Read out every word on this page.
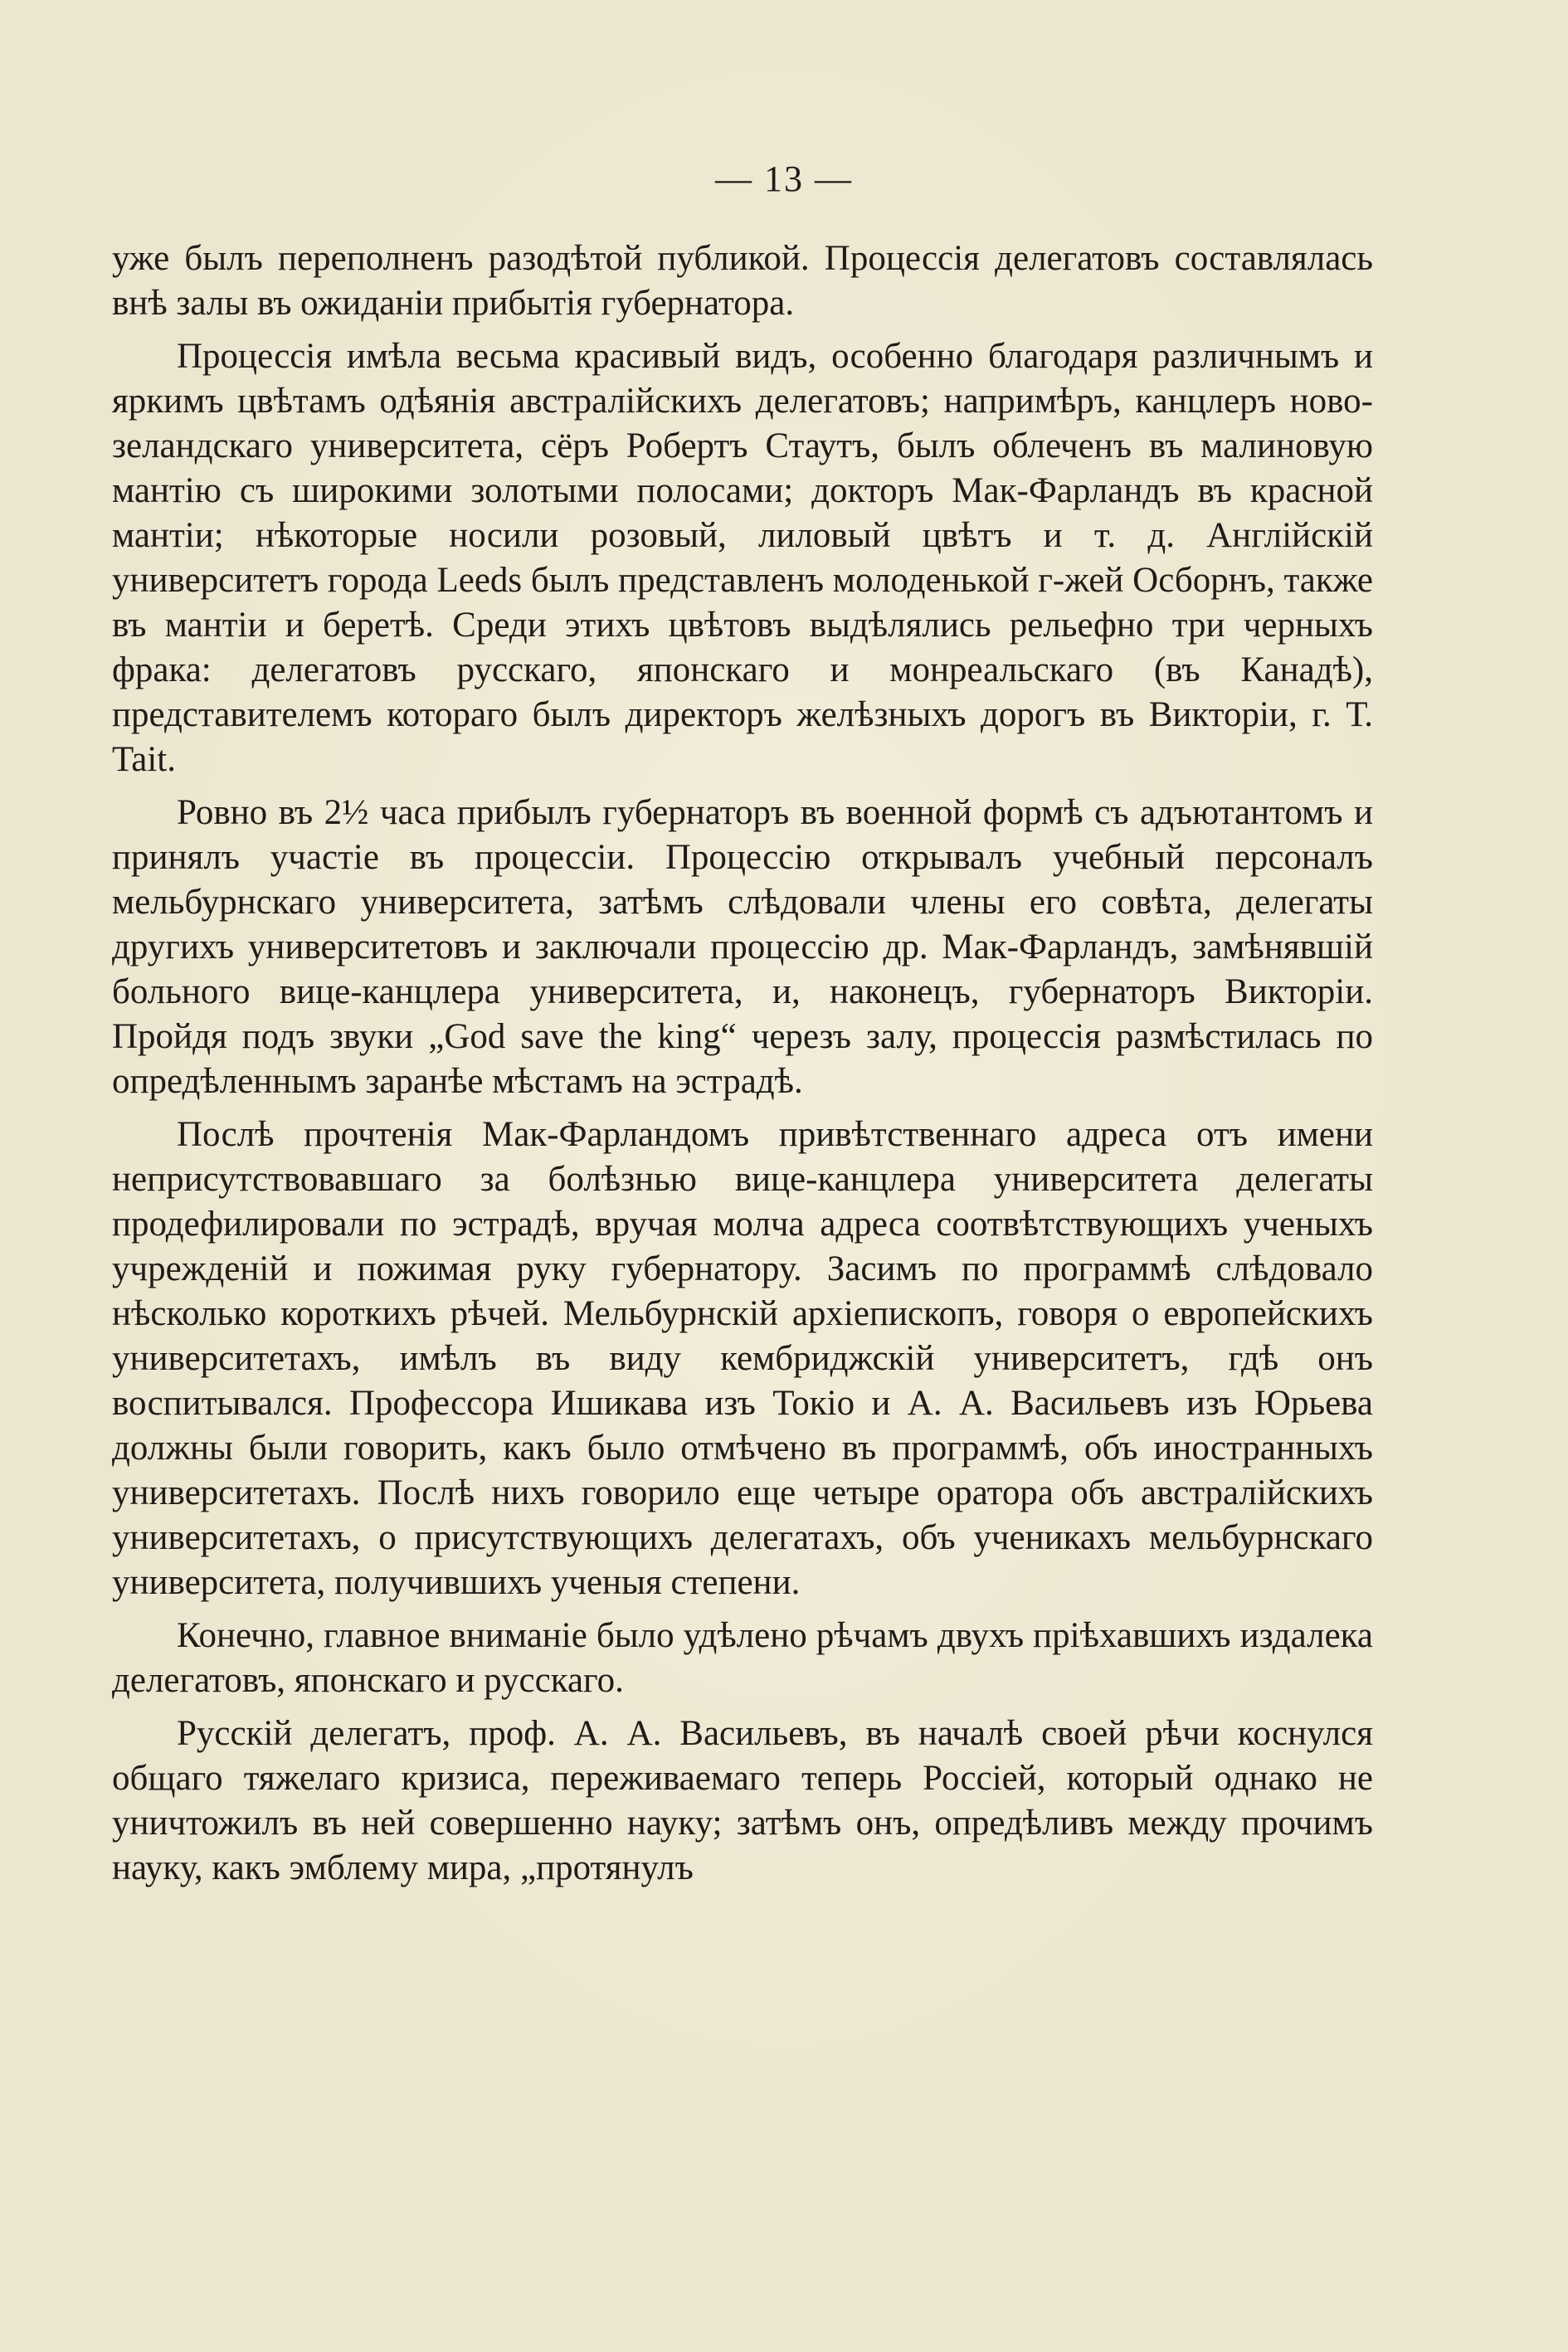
— 13 —

уже былъ переполненъ разодѣтой публикой. Процессія делегатовъ составлялась внѣ залы въ ожиданіи прибытія губернатора.

Процессія имѣла весьма красивый видъ, особенно благодаря различнымъ и яркимъ цвѣтамъ одѣянія австралійскихъ делегатовъ; напримѣръ, канцлеръ ново-зеландскаго университета, сёръ Робертъ Стаутъ, былъ облеченъ въ малиновую мантію съ широкими золотыми полосами; докторъ Мак-Фарландъ въ красной мантіи; нѣкоторые носили розовый, лиловый цвѣтъ и т. д. Англійскій университетъ города Leeds былъ представленъ молоденькой г-жей Осборнъ, также въ мантіи и беретѣ. Среди этихъ цвѣтовъ выдѣлялись рельефно три черныхъ фрака: делегатовъ русскаго, японскаго и монреальскаго (въ Канадѣ), представителемъ котораго былъ директоръ желѣзныхъ дорогъ въ Викторіи, г. Т. Tait.

Ровно въ 2½ часа прибылъ губернаторъ въ военной формѣ съ адъютантомъ и принялъ участіе въ процессіи. Процессію открывалъ учебный персоналъ мельбурнскаго университета, затѣмъ слѣдовали члены его совѣта, делегаты другихъ университетовъ и заключали процессію др. Мак-Фарландъ, замѣнявшій больного вице-канцлера университета, и, наконецъ, губернаторъ Викторіи. Пройдя подъ звуки „God save the king“ черезъ залу, процессія размѣстилась по опредѣленнымъ заранѣе мѣстамъ на эстрадѣ.

Послѣ прочтенія Мак-Фарландомъ привѣтственнаго адреса отъ имени неприсутствовавшаго за болѣзнью вице-канцлера университета делегаты продефилировали по эстрадѣ, вручая молча адреса соотвѣтствующихъ ученыхъ учрежденій и пожимая руку губернатору. Засимъ по программѣ слѣдовало нѣсколько короткихъ рѣчей. Мельбурнскій архіепископъ, говоря о европейскихъ университетахъ, имѣлъ въ виду кембриджскій университетъ, гдѣ онъ воспитывался. Профессора Ишикава изъ Токіо и А. А. Васильевъ изъ Юрьева должны были говорить, какъ было отмѣчено въ программѣ, объ иностранныхъ университетахъ. Послѣ нихъ говорило еще четыре оратора объ австралійскихъ университетахъ, о присутствующихъ делегатахъ, объ ученикахъ мельбурнскаго университета, получившихъ ученыя степени.

Конечно, главное вниманіе было удѣлено рѣчамъ двухъ пріѣхавшихъ издалека делегатовъ, японскаго и русскаго.

Русскій делегатъ, проф. А. А. Васильевъ, въ началѣ своей рѣчи коснулся общаго тяжелаго кризиса, переживаемаго теперь Россіей, который однако не уничтожилъ въ ней совершенно науку; затѣмъ онъ, опредѣливъ между прочимъ науку, какъ эмблему мира, „протянулъ
